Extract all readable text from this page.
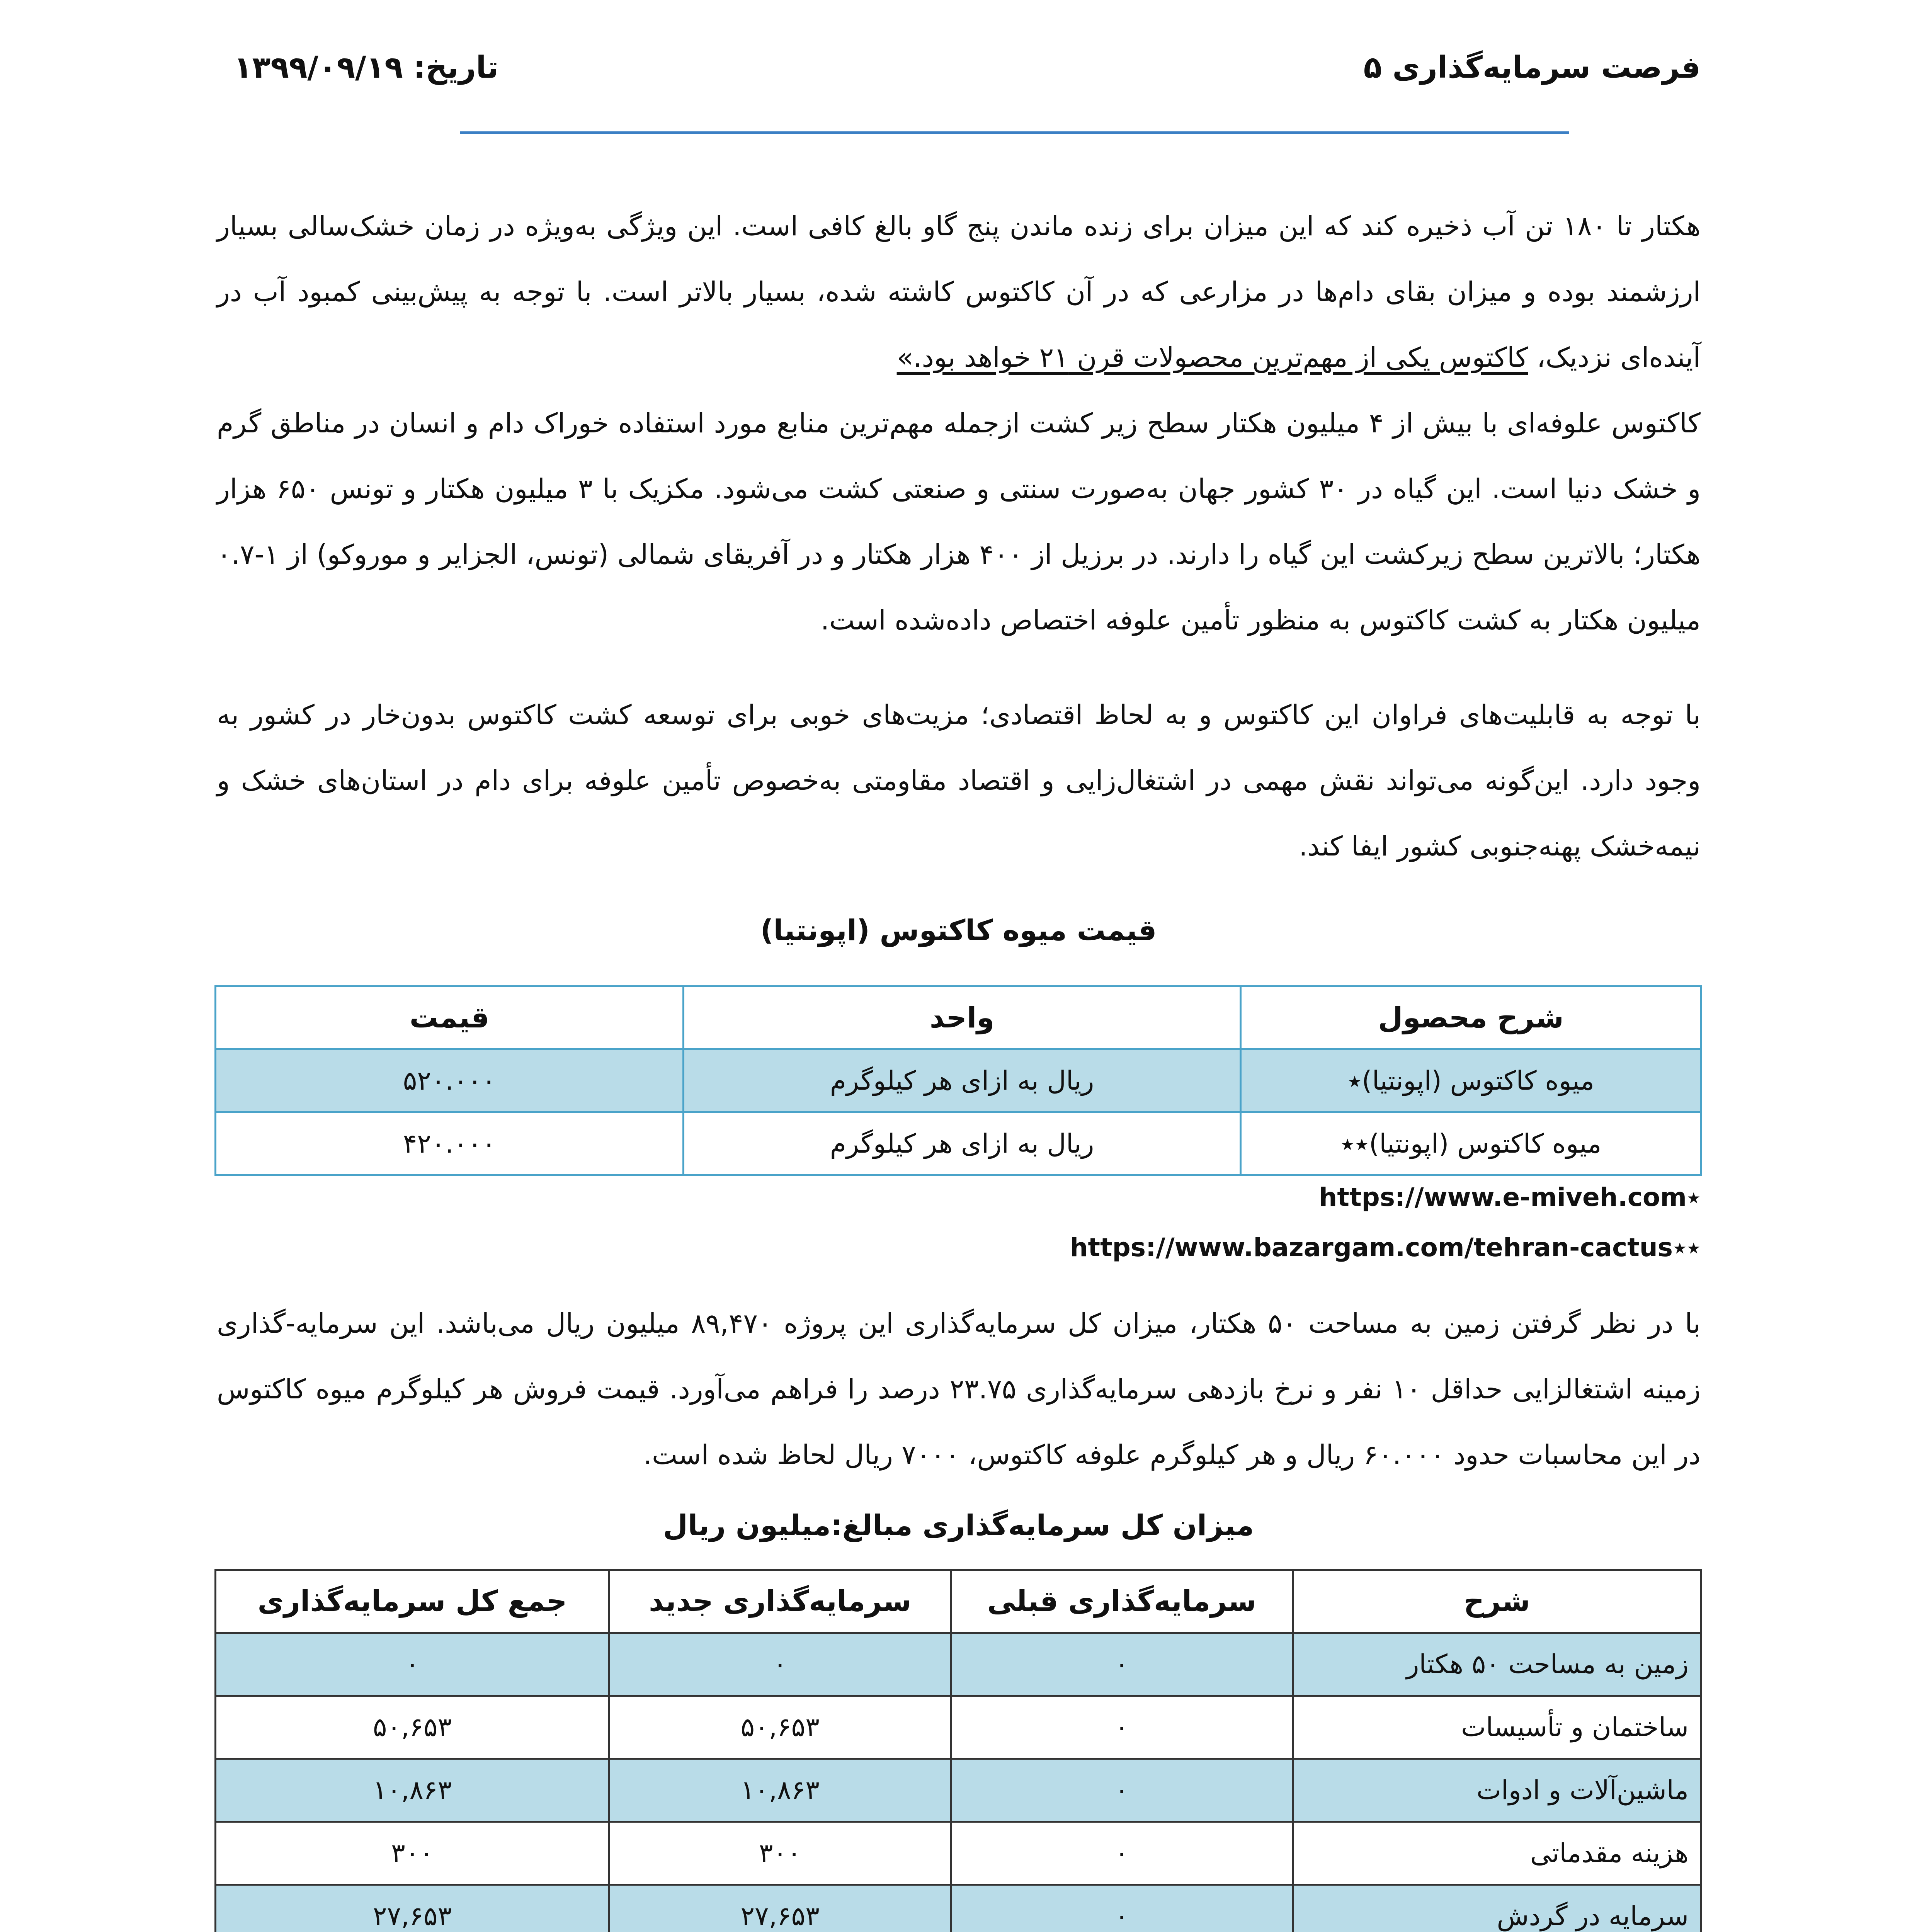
فرصت سرمایه‌گذاری ۵
تاریخ: ۱۳۹۹/۰۹/۱۹
هکتار تا ۱۸۰ تن آب ذخیره کند که این میزان برای زنده ماندن پنج گاو بالغ کافی است. این ویژگی به‌ویژه در زمان خشک‌سالی بسیار ارزشمند بوده و میزان بقای دام‌ها در مزارعی که در آن کاکتوس کاشته شده، بسیار بالاتر است. با توجه به پیش‌بینی کمبود آب در آینده‌ای نزدیک، کاکتوس یکی از مهم‌ترین محصولات قرن ۲۱ خواهد بود.»
کاکتوس علوفه‌ای با بیش از ۴ میلیون هکتار سطح زیر کشت ازجمله مهم‌ترین منابع مورد استفاده خوراک دام و انسان در مناطق گرم و خشک دنیا است. این گیاه در ۳۰ کشور جهان به‌صورت سنتی و صنعتی کشت می‌شود. مکزیک با ۳ میلیون هکتار و تونس ۶۵۰ هزار هکتار؛ بالاترین سطح زیرکشت این گیاه را دارند. در برزیل از ۴۰۰ هزار هکتار و در آفریقای شمالی (تونس، الجزایر و موروکو) از ۱-۰.۷ میلیون هکتار به کشت کاکتوس به منظور تأمین علوفه اختصاص داده‌شده است.
با توجه به قابلیت‌های فراوان این کاکتوس و به لحاظ اقتصادی؛ مزیت‌های خوبی برای توسعه کشت کاکتوس بدون‌خار در کشور به وجود دارد. این‌گونه می‌تواند نقش مهمی در اشتغال‌زایی و اقتصاد مقاومتی به‌خصوص تأمین علوفه برای دام در استان‌های خشک و نیمه‌خشک پهنه‌جنوبی کشور ایفا کند.
قیمت میوه کاکتوس (اپونتیا)
شرح محصول	واحد	قیمت
میوه کاکتوس (اپونتیا)٭	ریال به ازای هر کیلوگرم	۵۲۰.۰۰۰
میوه کاکتوس (اپونتیا)٭٭	ریال به ازای هر کیلوگرم	۴۲۰.۰۰۰
https://www.e-miveh.com٭
https://www.bazargam.com/tehran-cactus٭٭
با در نظر گرفتن زمین به مساحت ۵۰ هکتار، میزان کل سرمایه‌گذاری این پروژه ۸۹,۴۷۰ میلیون ریال می‌باشد. این سرمایه-گذاری زمینه اشتغالزایی حداقل ۱۰ نفر و نرخ بازدهی سرمایه‌گذاری ۲۳.۷۵ درصد را فراهم می‌آورد. قیمت فروش هر کیلوگرم میوه کاکتوس در این محاسبات حدود ۶۰.۰۰۰ ریال و هر کیلوگرم علوفه کاکتوس، ۷۰۰۰ ریال لحاظ شده است.
میزان کل سرمایه‌گذاری مبالغ:میلیون ریال
شرح	سرمایه‌گذاری قبلی	سرمایه‌گذاری جدید	جمع کل سرمایه‌گذاری
زمین به مساحت ۵۰ هکتار	۰	۰	۰
ساختمان و تأسیسات	۰	۵۰,۶۵۳	۵۰,۶۵۳
ماشین‌آلات و ادوات	۰	۱۰,۸۶۳	۱۰,۸۶۳
هزینه مقدماتی	۰	۳۰۰	۳۰۰
سرمایه در گردش	۰	۲۷,۶۵۳	۲۷,۶۵۳
